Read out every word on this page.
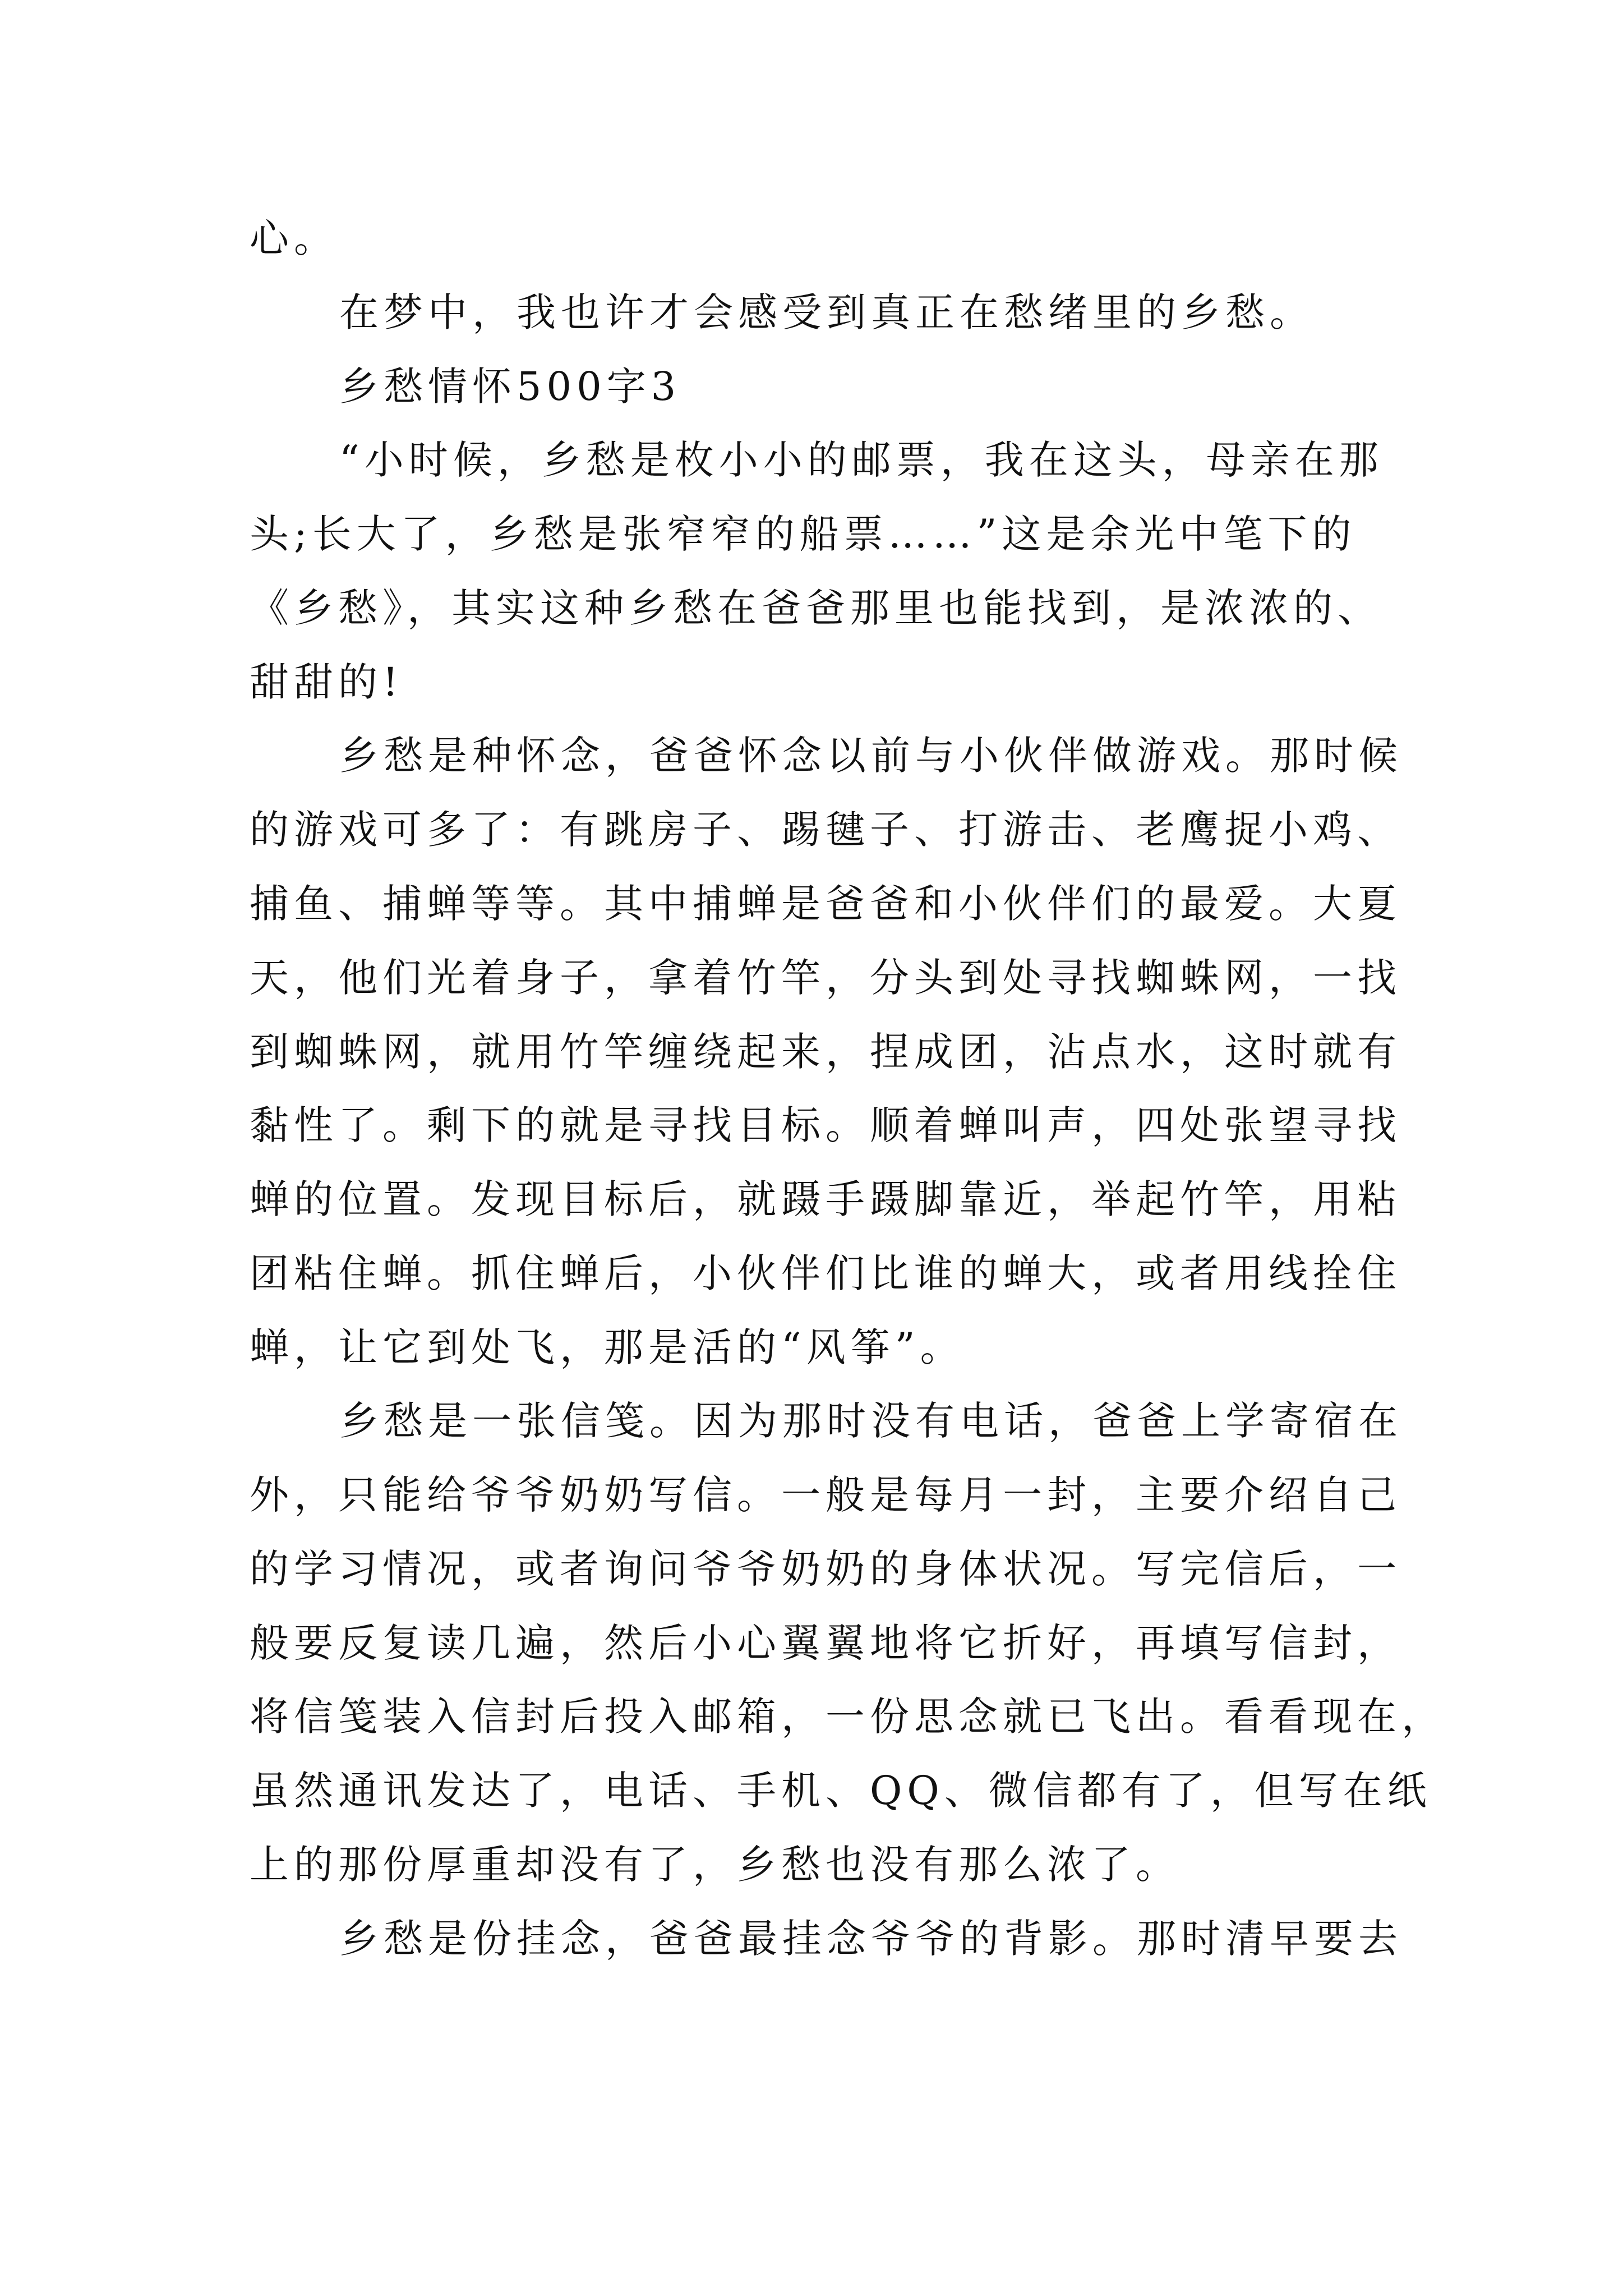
心。
在梦中，我也许才会感受到真正在愁绪里的乡愁。
乡愁情怀500字3
“小时候，乡愁是枚小小的邮票，我在这头，母亲在那
头;长大了，乡愁是张窄窄的船票……”这是余光中笔下的
《乡愁》，其实这种乡愁在爸爸那里也能找到，是浓浓的、
甜甜的!
乡愁是种怀念，爸爸怀念以前与小伙伴做游戏。那时候
的游戏可多了：有跳房子、踢毽子、打游击、老鹰捉小鸡、
捕鱼、捕蝉等等。其中捕蝉是爸爸和小伙伴们的最爱。大夏
天，他们光着身子，拿着竹竿，分头到处寻找蜘蛛网，一找
到蜘蛛网，就用竹竿缠绕起来，捏成团，沾点水，这时就有
黏性了。剩下的就是寻找目标。顺着蝉叫声，四处张望寻找
蝉的位置。发现目标后，就蹑手蹑脚靠近，举起竹竿，用粘
团粘住蝉。抓住蝉后，小伙伴们比谁的蝉大，或者用线拴住
蝉，让它到处飞，那是活的“风筝”。
乡愁是一张信笺。因为那时没有电话，爸爸上学寄宿在
外，只能给爷爷奶奶写信。一般是每月一封，主要介绍自己
的学习情况，或者询问爷爷奶奶的身体状况。写完信后，一
般要反复读几遍，然后小心翼翼地将它折好，再填写信封，
将信笺装入信封后投入邮箱，一份思念就已飞出。看看现在，
虽然通讯发达了，电话、手机、QQ、微信都有了，但写在纸
上的那份厚重却没有了，乡愁也没有那么浓了。
乡愁是份挂念，爸爸最挂念爷爷的背影。那时清早要去
